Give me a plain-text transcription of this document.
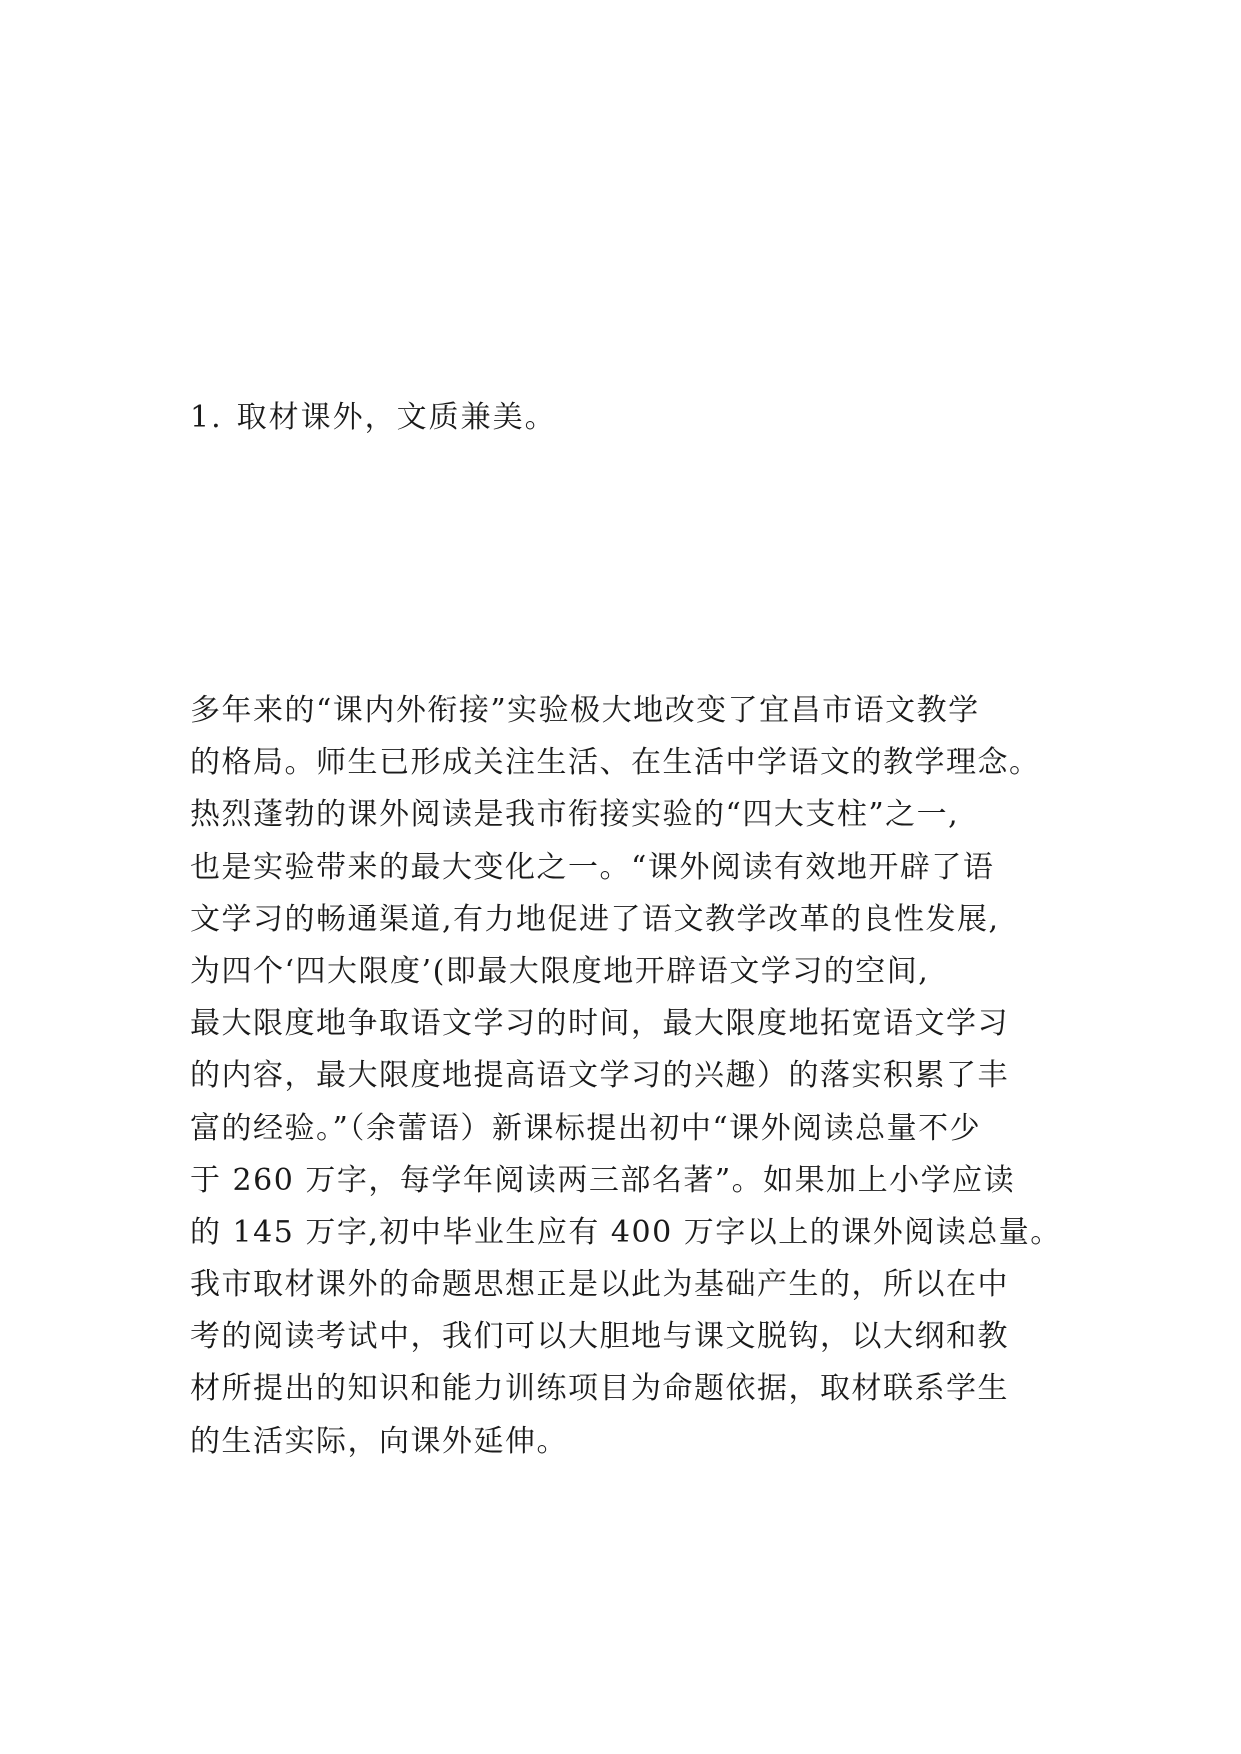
1. 取材课外，文质兼美。
多年来的“课内外衔接”实验极大地改变了宜昌市语文教学
的格局。师生已形成关注生活、在生活中学语文的教学理念。
热烈蓬勃的课外阅读是我市衔接实验的“四大支柱”之一,
也是实验带来的最大变化之一。“课外阅读有效地开辟了语
文学习的畅通渠道,有力地促进了语文教学改革的良性发展,
为四个‘四大限度’(即最大限度地开辟语文学习的空间,
最大限度地争取语文学习的时间，最大限度地拓宽语文学习
的内容，最大限度地提高语文学习的兴趣）的落实积累了丰
富的经验。”（余蕾语）新课标提出初中“课外阅读总量不少
于 260 万字，每学年阅读两三部名著”。如果加上小学应读
的 145 万字,初中毕业生应有 400 万字以上的课外阅读总量。
我市取材课外的命题思想正是以此为基础产生的，所以在中
考的阅读考试中，我们可以大胆地与课文脱钩，以大纲和教
材所提出的知识和能力训练项目为命题依据，取材联系学生
的生活实际，向课外延伸。
